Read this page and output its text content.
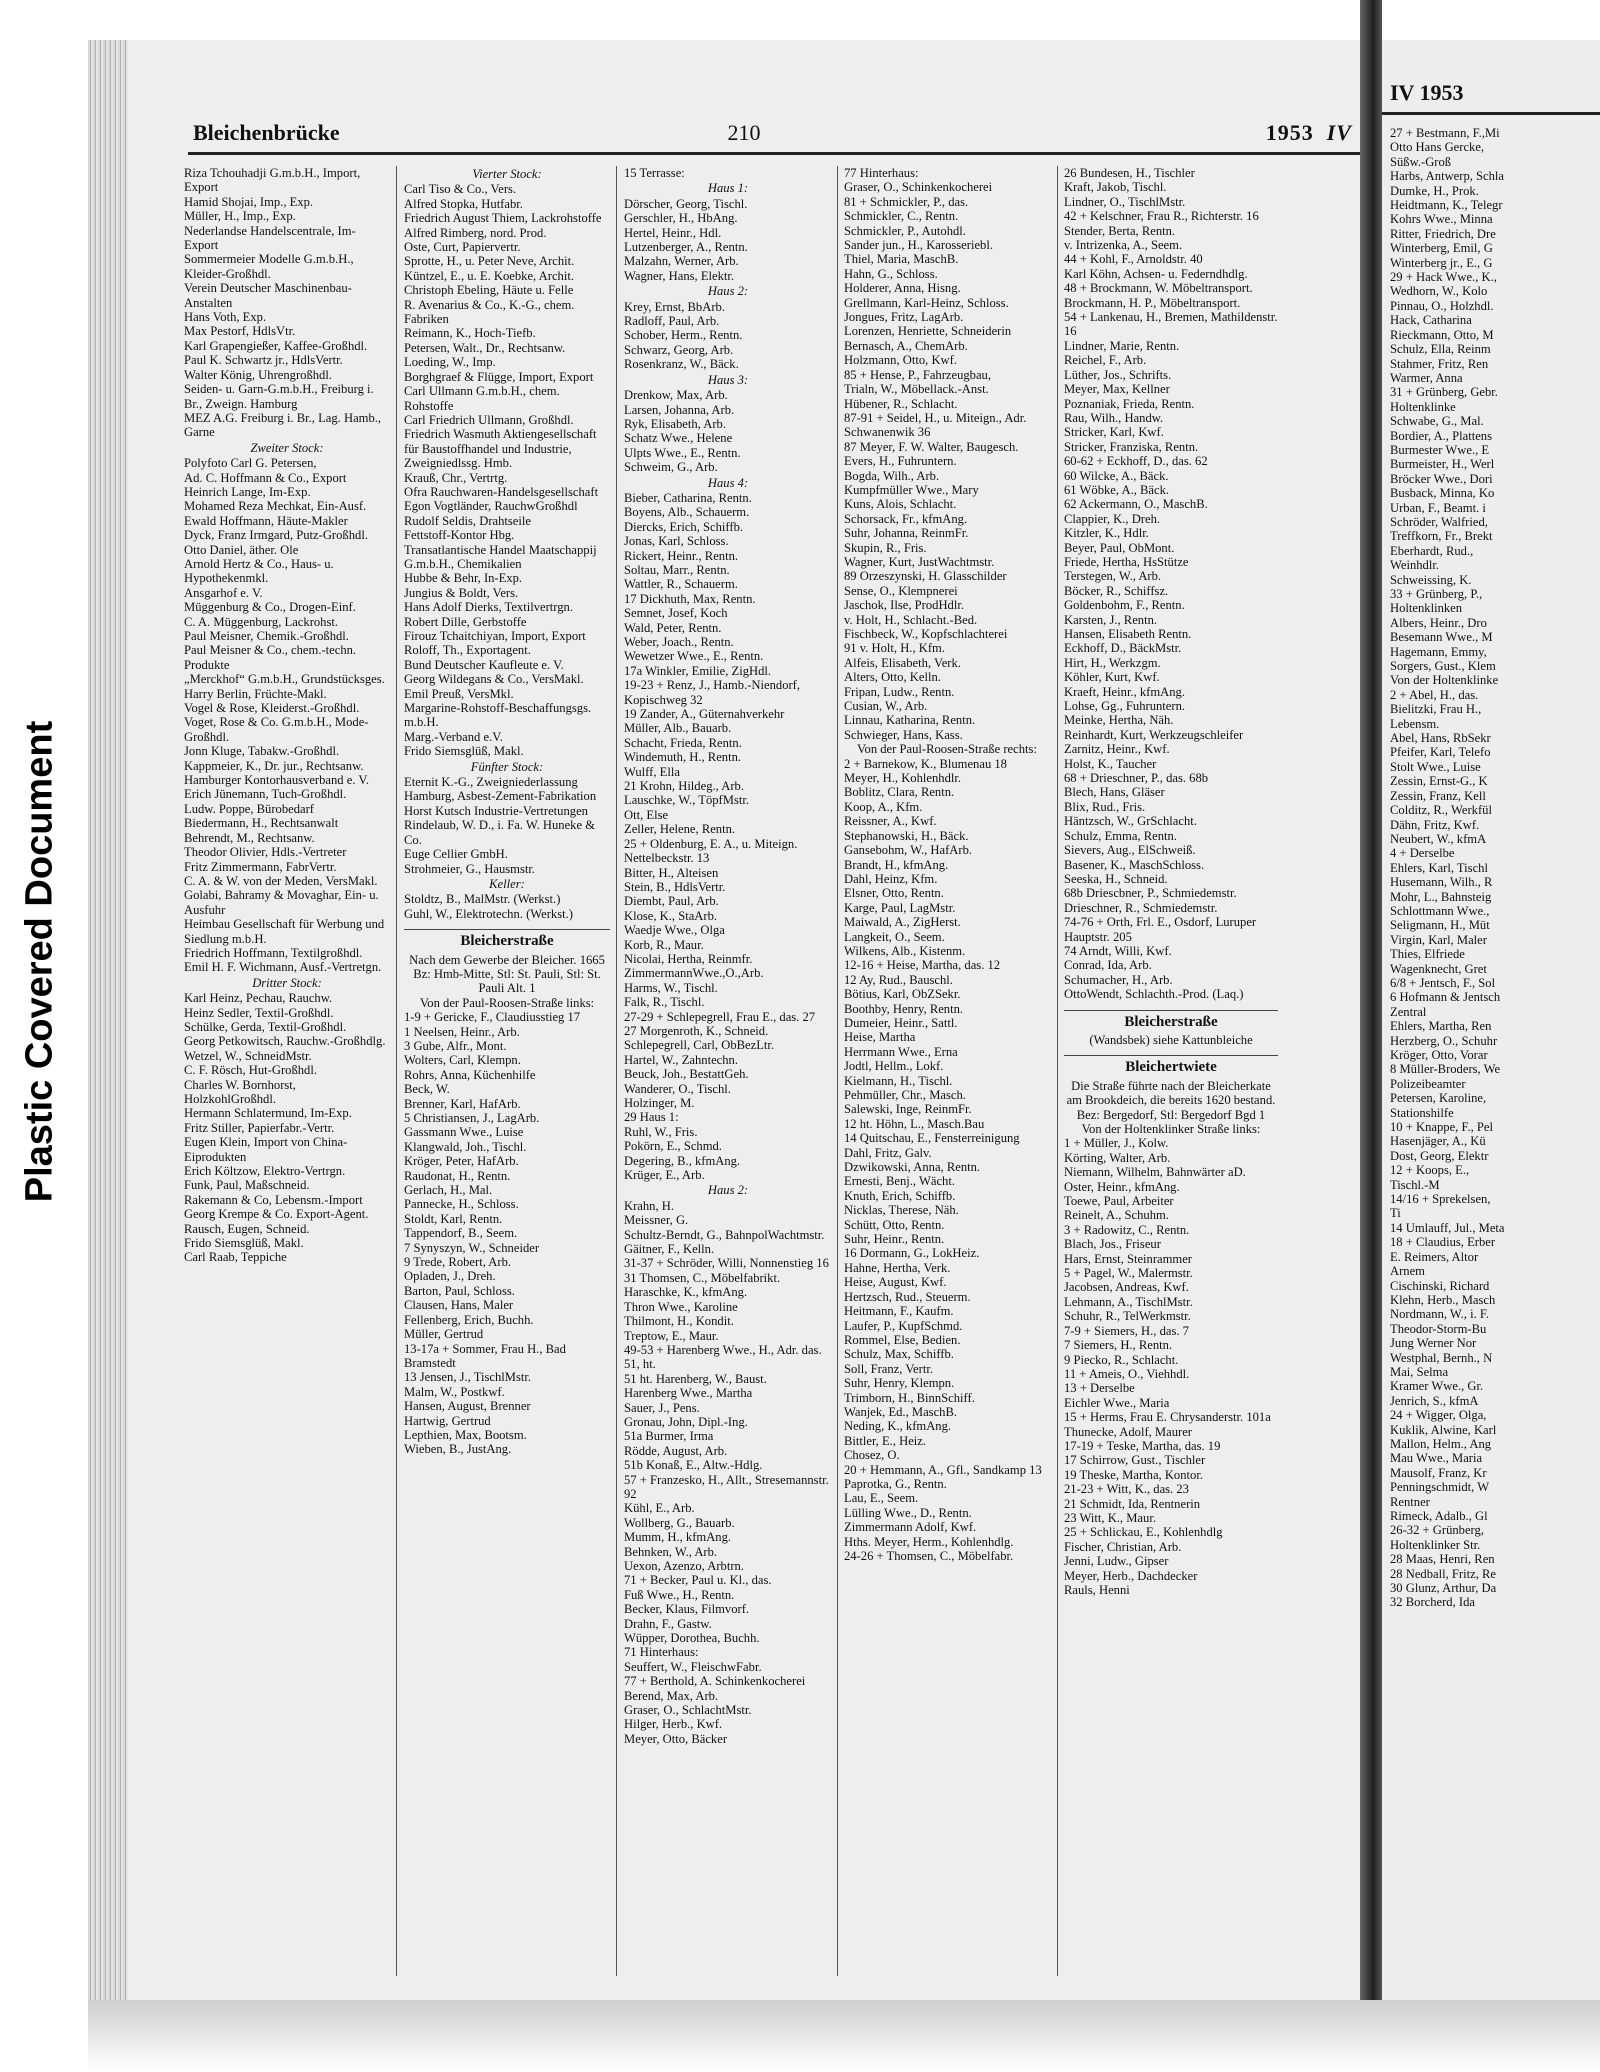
Plastic Covered Document
Bleichenbrücke	210	1953 IV
Riza Tchouhadji G.m.b.H., Import, Export
Hamid Shojai, Imp., Exp.
Müller, H., Imp., Exp.
Nederlandse Handelscentrale, Im- Export
Sommermeier Modelle G.m.b.H., Kleider-Großhdl.
Verein Deutscher Maschinenbau-Anstalten
Hans Voth, Exp.
Max Pestorf, HdlsVtr.
Karl Grapengießer, Kaffee-Großhdl.
Paul K. Schwartz jr., HdlsVertr.
Walter König, Uhrengroßhdl.
Seiden- u. Garn-G.m.b.H., Freiburg i. Br., Zweign. Hamburg
MEZ A.G. Freiburg i. Br., Lag. Hamb., Garne
Zweiter Stock:
Polyfoto Carl G. Petersen,
Ad. C. Hoffmann & Co., Export
Heinrich Lange, Im-Exp.
Mohamed Reza Mechkat, Ein-Ausf.
Ewald Hoffmann, Häute-Makler
Dyck, Franz Irmgard, Putz-Großhdl.
Otto Daniel, äther. Ole
Arnold Hertz & Co., Haus- u. Hypothekenmkl.
Ansgarhof e. V.
Müggenburg & Co., Drogen-Einf.
C. A. Müggenburg, Lackrohst.
Paul Meisner, Chemik.-Großhdl.
Paul Meisner & Co., chem.-techn. Produkte
„Merckhof“ G.m.b.H., Grundstücksges.
Harry Berlin, Früchte-Makl.
Vogel & Rose, Kleiderst.-Großhdl.
Voget, Rose & Co. G.m.b.H., Mode-Großhdl.
Jonn Kluge, Tabakw.-Großhdl.
Kappmeier, K., Dr. jur., Rechtsanw.
Hamburger Kontorhausverband e. V.
Erich Jünemann, Tuch-Großhdl.
Ludw. Poppe, Bürobedarf
Biedermann, H., Rechtsanwalt
Behrendt, M., Rechtsanw.
Theodor Olivier, Hdls.-Vertreter
Fritz Zimmermann, FabrVertr.
C. A. & W. von der Meden, VersMakl.
Golabi, Bahramy & Movaghar, Ein- u. Ausfuhr
Heimbau Gesellschaft für Werbung und Siedlung m.b.H.
Friedrich Hoffmann, Textilgroßhdl.
Emil H. F. Wichmann, Ausf.-Vertretgn.
Dritter Stock:
Karl Heinz, Pechau, Rauchw.
Heinz Sedler, Textil-Großhdl.
Schülke, Gerda, Textil-Großhdl.
Georg Petkowitsch, Rauchw.-Großhdlg.
Wetzel, W., SchneidMstr.
C. F. Rösch, Hut-Großhdl.
Charles W. Bornhorst, HolzkohlGroßhdl.
Hermann Schlatermund, Im-Exp.
Fritz Stiller, Papierfabr.-Vertr.
Eugen Klein, Import von China-Eiprodukten
Erich Költzow, Elektro-Vertrgn.
Funk, Paul, Maßschneid.
Rakemann & Co, Lebensm.-Import
Georg Krempe & Co. Export-Agent.
Rausch, Eugen, Schneid.
Frido Siemsglüß, Makl.
Carl Raab, Teppiche
Vierter Stock:
Carl Tiso & Co., Vers.
Alfred Stopka, Hutfabr.
Friedrich August Thiem, Lackrohstoffe
Alfred Rimberg, nord. Prod.
Oste, Curt, Papiervertr.
Sprotte, H., u. Peter Neve, Archit.
Küntzel, E., u. E. Koebke, Archit.
Christoph Ebeling, Häute u. Felle
R. Avenarius & Co., K.-G., chem. Fabriken
Reimann, K., Hoch-Tiefb.
Petersen, Walt., Dr., Rechtsanw.
Loeding, W., Imp.
Borghgraef & Flügge, Import, Export
Carl Ullmann G.m.b.H., chem. Rohstoffe
Carl Friedrich Ullmann, Großhdl.
Friedrich Wasmuth Aktiengesellschaft für Baustoffhandel und Industrie, Zweigniedlssg. Hmb.
Krauß, Chr., Vertrtg.
Ofra Rauchwaren-Handelsgesellschaft
Egon Vogtländer, RauchwGroßhdl
Rudolf Seldis, Drahtseile
Fettstoff-Kontor Hbg.
Transatlantische Handel Maatschappij G.m.b.H., Chemikalien
Hubbe & Behr, In-Exp.
Jungius & Boldt, Vers.
Hans Adolf Dierks, Textilvertrgn.
Robert Dille, Gerbstoffe
Firouz Tchaitchiyan, Import, Export
Roloff, Th., Exportagent.
Bund Deutscher Kaufleute e. V.
Georg Wildegans & Co., VersMakl.
Emil Preuß, VersMkl.
Margarine-Rohstoff-Beschaffungsgs. m.b.H.
Marg.-Verband e.V.
Frido Siemsglüß, Makl.
Fünfter Stock:
Eternit K.-G., Zweigniederlassung Hamburg, Asbest-Zement-Fabrikation
Horst Kutsch Industrie-Vertretungen
Rindelaub, W. D., i. Fa. W. Huneke & Co.
Euge Cellier GmbH.
Strohmeier, G., Hausmstr.
Keller:
Stoldtz, B., MalMstr. (Werkst.)
Guhl, W., Elektrotechn. (Werkst.)
Bleicherstraße
Nach dem Gewerbe der Bleicher. 1665
Bz: Hmb-Mitte, Stl: St. Pauli, Stl: St. Pauli Alt. 1
Von der Paul-Roosen-Straße links:
1-9 + Gericke, F., Claudiusstieg 17
1 Neelsen, Heinr., Arb.
3 Gube, Alfr., Mont.
Wolters, Carl, Klempn.
Rohrs, Anna, Küchenhilfe
Beck, W.
Brenner, Karl, HafArb.
5 Christiansen, J., LagArb.
Gassmann Wwe., Luise
Klangwald, Joh., Tischl.
Kröger, Peter, HafArb.
Raudonat, H., Rentn.
Gerlach, H., Mal.
Pannecke, H., Schloss.
Stoldt, Karl, Rentn.
Tappendorf, B., Seem.
7 Synyszyn, W., Schneider
9 Trede, Robert, Arb.
Opladen, J., Dreh.
Barton, Paul, Schloss.
Clausen, Hans, Maler
Fellenberg, Erich, Buchh.
Müller, Gertrud
13-17a + Sommer, Frau H., Bad Bramstedt
13 Jensen, J., TischlMstr.
Malm, W., Postkwf.
Hansen, August, Brenner
Hartwig, Gertrud
Lepthien, Max, Bootsm.
Wieben, B., JustAng.
15 Terrasse:
Haus 1:
Dörscher, Georg, Tischl.
Gerschler, H., HbAng.
Hertel, Heinr., Hdl.
Lutzenberger, A., Rentn.
Malzahn, Werner, Arb.
Wagner, Hans, Elektr.
Haus 2:
Krey, Ernst, BbArb.
Radloff, Paul, Arb.
Schober, Herm., Rentn.
Schwarz, Georg, Arb.
Rosenkranz, W., Bäck.
Haus 3:
Drenkow, Max, Arb.
Larsen, Johanna, Arb.
Ryk, Elisabeth, Arb.
Schatz Wwe., Helene
Ulpts Wwe., E., Rentn.
Schweim, G., Arb.
Haus 4:
Bieber, Catharina, Rentn.
Boyens, Alb., Schauerm.
Diercks, Erich, Schiffb.
Jonas, Karl, Schloss.
Rickert, Heinr., Rentn.
Soltau, Marr., Rentn.
Wattler, R., Schauerm.
17 Dickhuth, Max, Rentn.
Semnet, Josef, Koch
Wald, Peter, Rentn.
Weber, Joach., Rentn.
Wewetzer Wwe., E., Rentn.
17a Winkler, Emilie, ZigHdl.
19-23 + Renz, J., Hamb.-Niendorf, Kopischweg 32
19 Zander, A., Güternahverkehr
Müller, Alb., Bauarb.
Schacht, Frieda, Rentn.
Windemuth, H., Rentn.
Wulff, Ella
21 Krohn, Hildeg., Arb.
Lauschke, W., TöpfMstr.
Ott, Else
Zeller, Helene, Rentn.
25 + Oldenburg, E. A., u. Miteign. Nettelbeckstr. 13
Bitter, H., Alteisen
Stein, B., HdlsVertr.
Diembt, Paul, Arb.
Klose, K., StaArb.
Waedje Wwe., Olga
Korb, R., Maur.
Nicolai, Hertha, Reinmfr.
ZimmermannWwe.,O.,Arb.
Harms, W., Tischl.
Falk, R., Tischl.
27-29 + Schlepegrell, Frau E., das. 27
27 Morgenroth, K., Schneid.
Schlepegrell, Carl, ObBezLtr.
Hartel, W., Zahntechn.
Beuck, Joh., BestattGeh.
Wanderer, O., Tischl.
Holzinger, M.
29 Haus 1:
Ruhl, W., Fris.
Pokörn, E., Schmd.
Degering, B., kfmAng.
Krüger, E., Arb.
Haus 2:
Krahn, H.
Meissner, G.
Schultz-Berndt, G., BahnpolWachtmstr.
Gäitner, F., Kelln.
31-37 + Schröder, Willi, Nonnenstieg 16
31 Thomsen, C., Möbelfabrikt.
Haraschke, K., kfmAng.
Thron Wwe., Karoline
Thilmont, H., Kondit.
Treptow, E., Maur.
49-53 + Harenberg Wwe., H., Adr. das. 51, ht.
51 ht. Harenberg, W., Baust.
Harenberg Wwe., Martha
Sauer, J., Pens.
Gronau, John, Dipl.-Ing.
51a Burmer, Irma
Rödde, August, Arb.
51b Konaß, E., Altw.-Hdlg.
57 + Franzesko, H., Allt., Stresemannstr. 92
Kühl, E., Arb.
Wollberg, G., Bauarb.
Mumm, H., kfmAng.
Behnken, W., Arb.
Uexon, Azenzo, Arbtrn.
71 + Becker, Paul u. Kl., das.
Fuß Wwe., H., Rentn.
Becker, Klaus, Filmvorf.
Drahn, F., Gastw.
Wüpper, Dorothea, Buchh.
71 Hinterhaus:
Seuffert, W., FleischwFabr.
77 + Berthold, A. Schinkenkocherei
Berend, Max, Arb.
Graser, O., SchlachtMstr.
Hilger, Herb., Kwf.
Meyer, Otto, Bäcker
77 Hinterhaus:
Graser, O., Schinkenkocherei
81 + Schmickler, P., das.
Schmickler, C., Rentn.
Schmickler, P., Autohdl.
Sander jun., H., Karosseriebl.
Thiel, Maria, MaschB.
Hahn, G., Schloss.
Holderer, Anna, Hisng.
Grellmann, Karl-Heinz, Schloss.
Jongues, Fritz, LagArb.
Lorenzen, Henriette, Schneiderin
Bernasch, A., ChemArb.
Holzmann, Otto, Kwf.
85 + Hense, P., Fahrzeugbau,
Trialn, W., Möbellack.-Anst.
Hübener, R., Schlacht.
87-91 + Seidel, H., u. Miteign., Adr. Schwanenwik 36
87 Meyer, F. W. Walter, Baugesch.
Evers, H., Fuhruntern.
Bogda, Wilh., Arb.
Kumpfmüller Wwe., Mary
Kuns, Alois, Schlacht.
Schorsack, Fr., kfmAng.
Suhr, Johanna, ReinmFr.
Skupin, R., Fris.
Wagner, Kurt, JustWachtmstr.
89 Orzeszynski, H. Glasschilder
Sense, O., Klempnerei
Jaschok, Ilse, ProdHdlr.
v. Holt, H., Schlacht.-Bed.
Fischbeck, W., Kopfschlachterei
91 v. Holt, H., Kfm.
Alfeis, Elisabeth, Verk.
Alters, Otto, Kelln.
Fripan, Ludw., Rentn.
Cusian, W., Arb.
Linnau, Katharina, Rentn.
Schwieger, Hans, Kass.
Von der Paul-Roosen-Straße rechts:
2 + Barnekow, K., Blumenau 18
Meyer, H., Kohlenhdlr.
Boblitz, Clara, Rentn.
Koop, A., Kfm.
Reissner, A., Kwf.
Stephanowski, H., Bäck.
Gansebohm, W., HafArb.
Brandt, H., kfmAng.
Dahl, Heinz, Kfm.
Elsner, Otto, Rentn.
Karge, Paul, LagMstr.
Maiwald, A., ZigHerst.
Langkeit, O., Seem.
Wilkens, Alb., Kistenm.
12-16 + Heise, Martha, das. 12
12 Ay, Rud., Bauschl.
Bötius, Karl, ObZSekr.
Boothby, Henry, Rentn.
Dumeier, Heinr., Sattl.
Heise, Martha
Herrmann Wwe., Erna
Jodtl, Hellm., Lokf.
Kielmann, H., Tischl.
Pehmüller, Chr., Masch.
Salewski, Inge, ReinmFr.
12 ht. Höhn, L., Masch.Bau
14 Quitschau, E., Fensterreinigung
Dahl, Fritz, Galv.
Dzwikowski, Anna, Rentn.
Ernesti, Benj., Wächt.
Knuth, Erich, Schiffb.
Nicklas, Therese, Näh.
Schütt, Otto, Rentn.
Suhr, Heinr., Rentn.
16 Dormann, G., LokHeiz.
Hahne, Hertha, Verk.
Heise, August, Kwf.
Hertzsch, Rud., Steuerm.
Heitmann, F., Kaufm.
Laufer, P., KupfSchmd.
Rommel, Else, Bedien.
Schulz, Max, Schiffb.
Soll, Franz, Vertr.
Suhr, Henry, Klempn.
Trimborn, H., BinnSchiff.
Wanjek, Ed., MaschB.
Neding, K., kfmAng.
Bittler, E., Heiz.
Chosez, O.
20 + Hemmann, A., Gfl., Sandkamp 13
Paprotka, G., Rentn.
Lau, E., Seem.
Lülling Wwe., D., Rentn.
Zimmermann Adolf, Kwf.
Hths. Meyer, Herm., Kohlenhdlg.
24-26 + Thomsen, C., Möbelfabr.
26 Bundesen, H., Tischler
Kraft, Jakob, Tischl.
Lindner, O., TischlMstr.
42 + Kelschner, Frau R., Richterstr. 16
Stender, Berta, Rentn.
v. Intrizenka, A., Seem.
44 + Kohl, F., Arnoldstr. 40
Karl Köhn, Achsen- u. Federndhdlg.
48 + Brockmann, W. Möbeltransport.
Brockmann, H. P., Möbeltransport.
54 + Lankenau, H., Bremen, Mathildenstr. 16
Lindner, Marie, Rentn.
Reichel, F., Arb.
Lüther, Jos., Schrifts.
Meyer, Max, Kellner
Poznaniak, Frieda, Rentn.
Rau, Wilh., Handw.
Stricker, Karl, Kwf.
Stricker, Franziska, Rentn.
60-62 + Eckhoff, D., das. 62
60 Wilcke, A., Bäck.
61 Wöbke, A., Bäck.
62 Ackermann, O., MaschB.
Clappier, K., Dreh.
Kitzler, K., Hdlr.
Beyer, Paul, ObMont.
Friede, Hertha, HsStütze
Terstegen, W., Arb.
Böcker, R., Schiffsz.
Goldenbohm, F., Rentn.
Karsten, J., Rentn.
Hansen, Elisabeth Rentn.
Eckhoff, D., BäckMstr.
Hirt, H., Werkzgm.
Köhler, Kurt, Kwf.
Kraeft, Heinr., kfmAng.
Lohse, Gg., Fuhruntern.
Meinke, Hertha, Näh.
Reinhardt, Kurt, Werkzeugschleifer
Zarnitz, Heinr., Kwf.
Holst, K., Taucher
68 + Drieschner, P., das. 68b
Blech, Hans, Gläser
Blix, Rud., Fris.
Häntzsch, W., GrSchlacht.
Schulz, Emma, Rentn.
Sievers, Aug., ElSchweiß.
Basener, K., MaschSchloss.
Seeska, H., Schneid.
68b Driescbner, P., Schmiedemstr.
Drieschner, R., Schmiedemstr.
74-76 + Orth, Frl. E., Osdorf, Luruper Hauptstr. 205
74 Arndt, Willi, Kwf.
Conrad, Ida, Arb.
Schumacher, H., Arb.
OttoWendt, Schlachth.-Prod. (Laq.)
Bleicherstraße
(Wandsbek) siehe Kattunbleiche
Bleichertwiete
Die Straße führte nach der Bleicherkate am Brookdeich, die bereits 1620 bestand.
Bez: Bergedorf, Stl: Bergedorf Bgd 1
Von der Holtenklinker Straße links:
1 + Müller, J., Kolw.
Körting, Walter, Arb.
Niemann, Wilhelm, Bahnwärter aD.
Oster, Heinr., kfmAng.
Toewe, Paul, Arbeiter
Reinelt, A., Schuhm.
3 + Radowitz, C., Rentn.
Blach, Jos., Friseur
Hars, Ernst, Steinrammer
5 + Pagel, W., Malermstr.
Jacobsen, Andreas, Kwf.
Lehmann, A., TischlMstr.
Schuhr, R., TelWerkmstr.
7-9 + Siemers, H., das. 7
7 Siemers, H., Rentn.
9 Piecko, R., Schlacht.
11 + Ameis, O., Viehhdl.
13 + Derselbe
Eichler Wwe., Maria
15 + Herms, Frau E. Chrysanderstr. 101a
Thunecke, Adolf, Maurer
17-19 + Teske, Martha, das. 19
17 Schirrow, Gust., Tischler
19 Theske, Martha, Kontor.
21-23 + Witt, K., das. 23
21 Schmidt, Ida, Rentnerin
23 Witt, K., Maur.
25 + Schlickau, E., Kohlenhdlg
Fischer, Christian, Arb.
Jenni, Ludw., Gipser
Meyer, Herb., Dachdecker
Rauls, Henni
IV 1953
27 + Bestmann, F.,Mi
Otto Hans Gercke,
Süßw.-Groß
Harbs, Antwerp, Schla
Dumke, H., Prok.
Heidtmann, K., Telegr
Kohrs Wwe., Minna
Ritter, Friedrich, Dre
Winterberg, Emil, G
Winterberg jr., E., G
29 + Hack Wwe., K.,
Wedhorn, W., Kolo
Pinnau, O., Holzhdl.
Hack, Catharina
Rieckmann, Otto, M
Schulz, Ella, Reinm
Stahmer, Fritz, Ren
Warmer, Anna
31 + Grünberg, Gebr.
Holtenklinke
Schwabe, G., Mal.
Bordier, A., Plattens
Burmester Wwe., E
Burmeister, H., Werl
Bröcker Wwe., Dori
Busback, Minna, Ko
Urban, F., Beamt. i
Schröder, Walfried,
Treffkorn, Fr., Brekt
Eberhardt, Rud.,
Weinhdlr.
Schweissing, K.
33 + Grünberg, P.,
Holtenklinken
Albers, Heinr., Dro
Besemann Wwe., M
Hagemann, Emmy,
Sorgers, Gust., Klem
Von der Holtenklinke
2 + Abel, H., das.
Bielitzki, Frau H.,
Lebensm.
Abel, Hans, RbSekr
Pfeifer, Karl, Telefo
Stolt Wwe., Luise
Zessin, Ernst-G., K
Zessin, Franz, Kell
Colditz, R., Werkfül
Dähn, Fritz, Kwf.
Neubert, W., kfmA
4 + Derselbe
Ehlers, Karl, Tischl
Husemann, Wilh., R
Mohr, L., Bahnsteig
Schlottmann Wwe.,
Seligmann, H., Müt
Virgin, Karl, Maler
Thies, Elfriede
Wagenknecht, Gret
6/8 + Jentsch, F., Sol
6 Hofmann & Jentsch
Zentral
Ehlers, Martha, Ren
Herzberg, O., Schuhr
Kröger, Otto, Vorar
8 Müller-Broders, We
Polizeibeamter
Petersen, Karoline,
Stationshilfe
10 + Knappe, F., Pel
Hasenjäger, A., Kü
Dost, Georg, Elektr
12 + Koops, E.,
Tischl.-M
14/16 + Sprekelsen,
Ti
14 Umlauff, Jul., Meta
18 + Claudius, Erber
E. Reimers, Altor
Arnem
Cischinski, Richard
Klehn, Herb., Masch
Nordmann, W., i. F.
Theodor-Storm-Bu
Jung Werner Nor
Westphal, Bernh., N
Mai, Selma
Kramer Wwe., Gr.
Jenrich, S., kfmA
24 + Wigger, Olga,
Kuklik, Alwine, Karl
Mallon, Helm., Ang
Mau Wwe., Maria
Mausolf, Franz, Kr
Penningschmidt, W
Rentner
Rimeck, Adalb., Gl
26-32 + Grünberg,
Holtenklinker Str.
28 Maas, Henri, Ren
28 Nedball, Fritz, Re
30 Glunz, Arthur, Da
32 Borcherd, Ida
